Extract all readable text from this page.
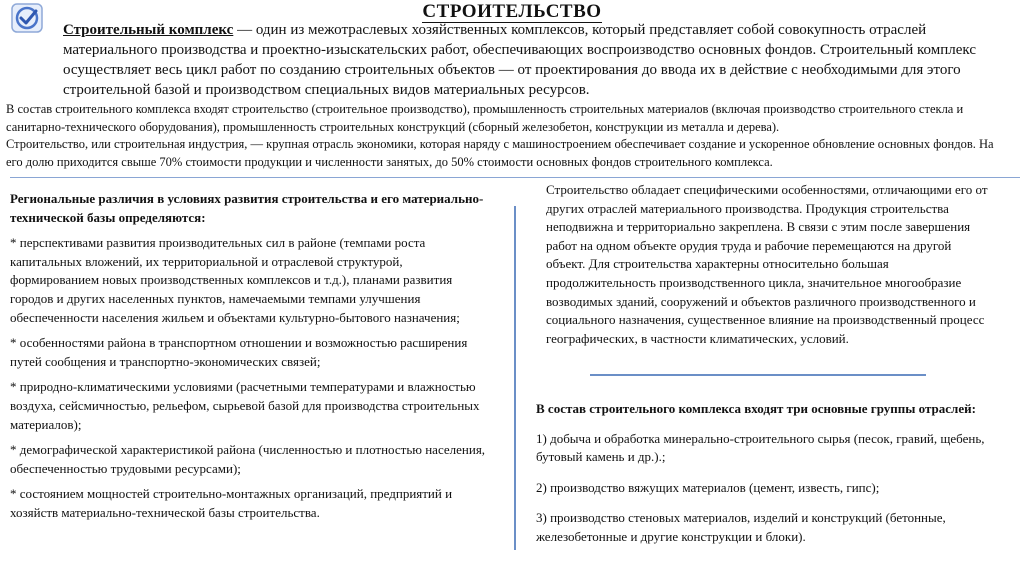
СТРОИТЕЛЬСТВО
Строительный комплекс — один из межотраслевых хозяйственных комплексов, который представляет собой совокупность отраслей материального производства и проектно-изыскательских работ, обеспечивающих воспроизводство основных фондов. Строительный комплекс осуществляет весь цикл работ по созданию строительных объектов — от проектирования до ввода их в действие с необходимыми для этого строительной базой и производством специальных видов материальных ресурсов.

В состав строительного комплекса входят строительство (строительное производство), промышленность строительных материалов (включая производство строительного стекла и санитарно-технического оборудования), промышленность строительных конструкций (сборный железобетон, конструкции из металла и дерева).

Строительство, или строительная индустрия, — крупная отрасль экономики, которая наряду с машиностроением обеспечивает создание и ускоренное обновление основных фондов. На его долю приходится свыше 70% стоимости продукции и численности занятых, до 50% стоимости основных фондов строительного комплекса.

Региональные различия в условиях развития строительства и его материально-технической базы определяются:

* перспективами развития производительных сил в районе (темпами роста капитальных вложений, их территориальной и отраслевой структурой, формированием новых производственных комплексов и т.д.), планами развития городов и других населенных пунктов, намечаемыми темпами улучшения обеспеченности населения жильем и объектами культурно-бытового назначения;

* особенностями района в транспортном отношении и возможностью расширения путей сообщения и транспортно-экономических связей;

* природно-климатическими условиями (расчетными температурами и влажностью воздуха, сейсмичностью, рельефом, сырьевой базой для производства строительных материалов);

* демографической характеристикой района (численностью и плотностью населения, обеспеченностью трудовыми ресурсами);

* состоянием мощностей строительно-монтажных организаций, предприятий и хозяйств материально-технической базы строительства.

Строительство обладает специфическими особенностями, отличающими его от других отраслей материального производства. Продукция строительства неподвижна и территориально закреплена. В связи с этим после завершения работ на одном объекте орудия труда и рабочие перемещаются на другой объект. Для строительства характерны относительно большая продолжительность производственного цикла, значительное многообразие возводимых зданий, сооружений и объектов различного производственного и социального назначения, существенное влияние на производственный процесс географических, в частности климатических, условий.

В состав строительного комплекса входят три основные группы отраслей:

1) добыча и обработка минерально-строительного сырья (песок, гравий, щебень, бутовый камень и др.).;

2) производство вяжущих материалов (цемент, известь, гипс);

3) производство стеновых материалов, изделий и конструкций (бетонные, железобетонные и другие конструкции и блоки).
